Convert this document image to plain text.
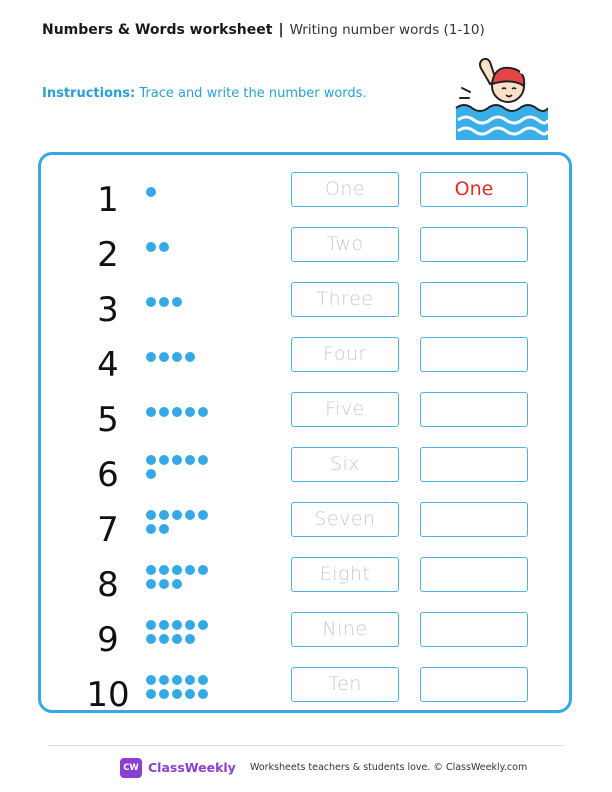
Numbers & Words worksheet | Writing number words (1-10)
Instructions: Trace and write the number words.
1	One	One
2	Two
3	Three
4	Four
5	Five
6	Six
7	Seven
8	Eight
9	Nine
10	Ten
CW ClassWeekly Worksheets teachers & students love. © ClassWeekly.com
